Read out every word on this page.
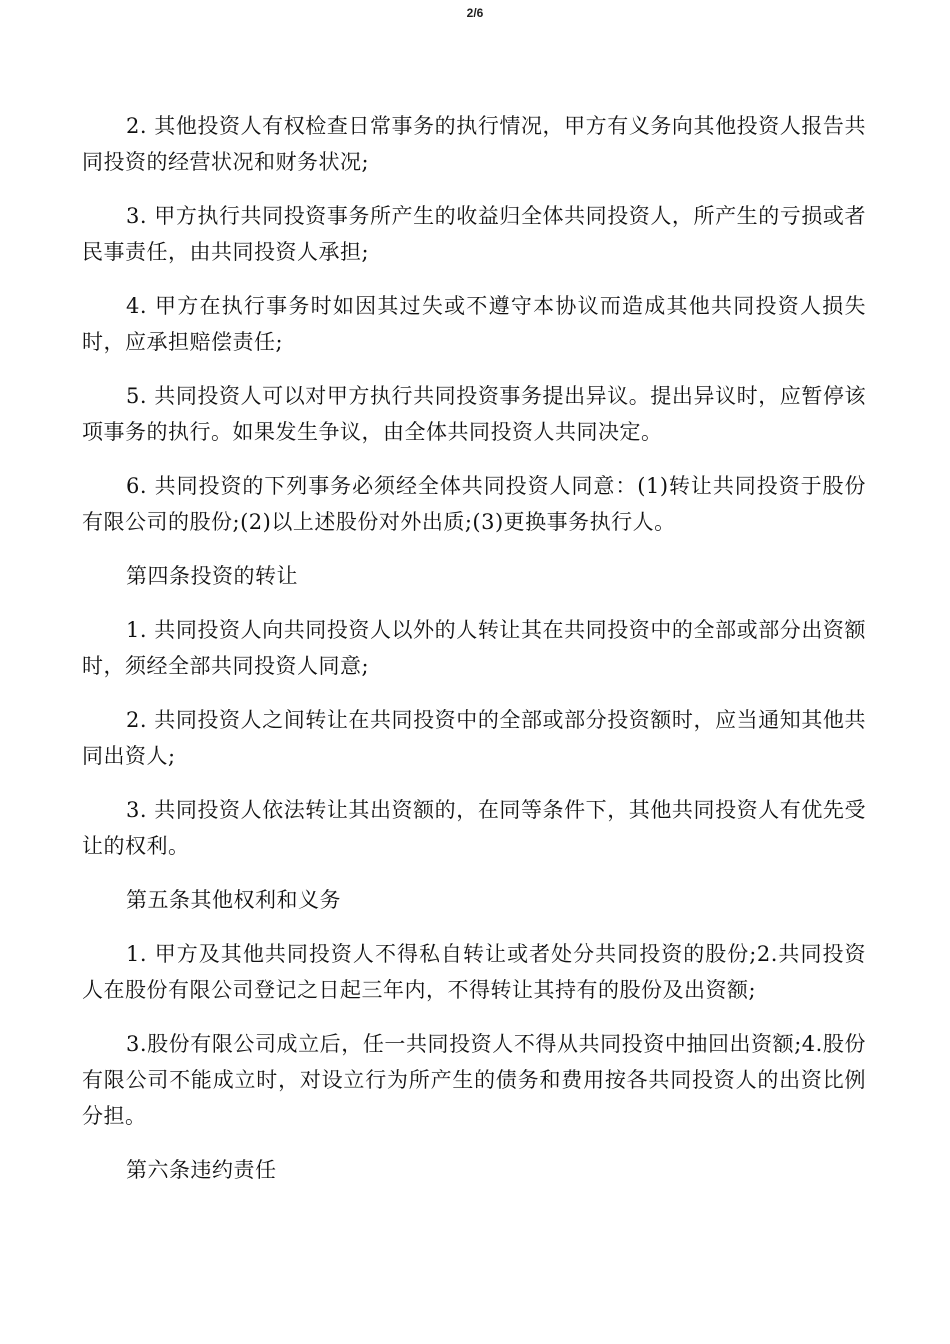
2/6

2. 其他投资人有权检查日常事务的执行情况，甲方有义务向其他投资人报告共同投资的经营状况和财务状况;

3. 甲方执行共同投资事务所产生的收益归全体共同投资人，所产生的亏损或者民事责任，由共同投资人承担;

4. 甲方在执行事务时如因其过失或不遵守本协议而造成其他共同投资人损失时，应承担赔偿责任;

5. 共同投资人可以对甲方执行共同投资事务提出异议。提出异议时，应暂停该项事务的执行。如果发生争议，由全体共同投资人共同决定。

6. 共同投资的下列事务必须经全体共同投资人同意：(1)转让共同投资于股份有限公司的股份;(2)以上述股份对外出质;(3)更换事务执行人。

第四条投资的转让

1. 共同投资人向共同投资人以外的人转让其在共同投资中的全部或部分出资额时，须经全部共同投资人同意;

2. 共同投资人之间转让在共同投资中的全部或部分投资额时，应当通知其他共同出资人;

3. 共同投资人依法转让其出资额的，在同等条件下，其他共同投资人有优先受让的权利。

第五条其他权利和义务

1. 甲方及其他共同投资人不得私自转让或者处分共同投资的股份;2.共同投资人在股份有限公司登记之日起三年内，不得转让其持有的股份及出资额;

3.股份有限公司成立后，任一共同投资人不得从共同投资中抽回出资额;4.股份有限公司不能成立时，对设立行为所产生的债务和费用按各共同投资人的出资比例分担。

第六条违约责任
